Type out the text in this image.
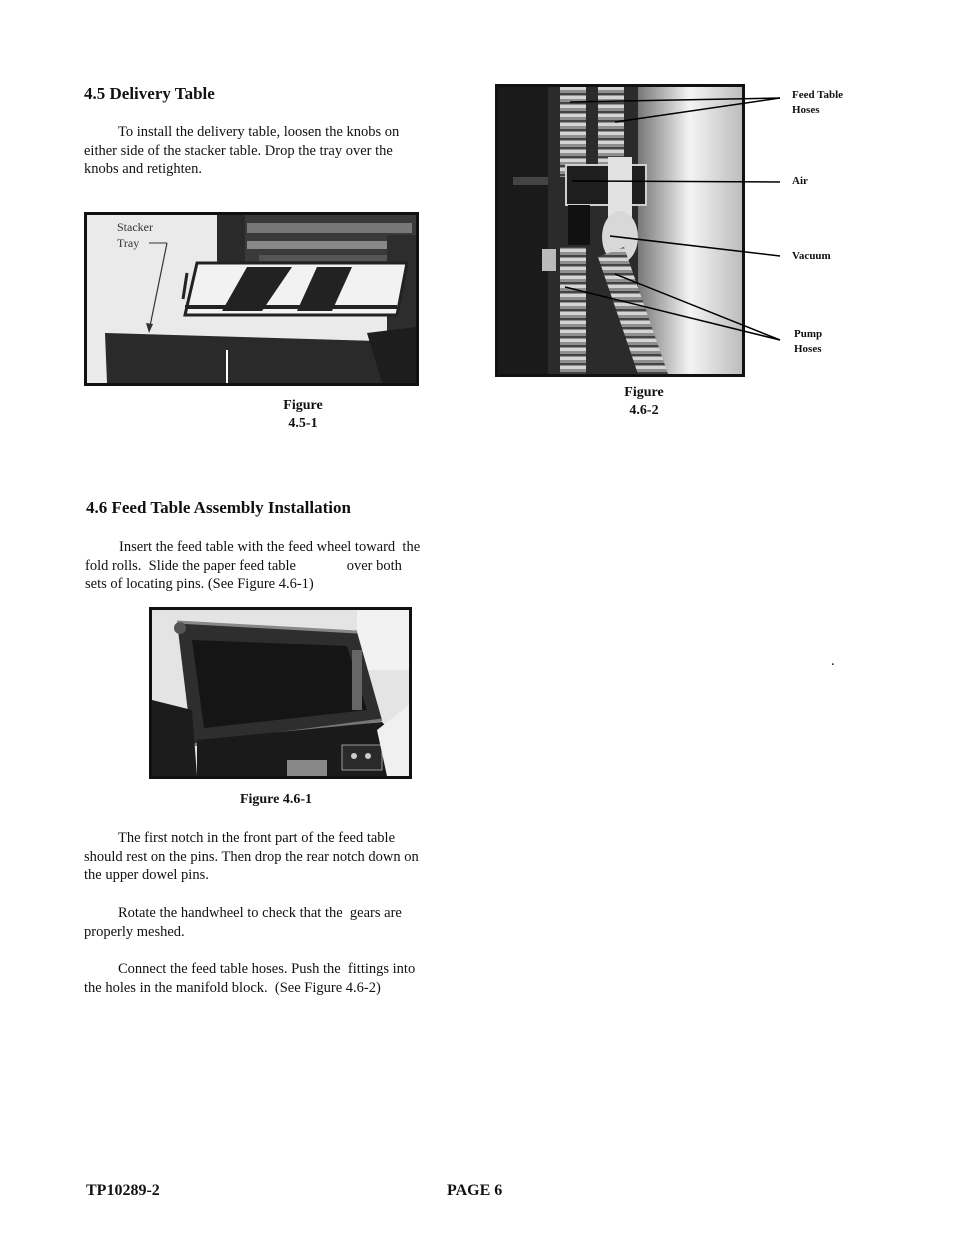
4.5 Delivery Table
To install the delivery table, loosen the knobs on
either side of the stacker table. Drop the tray over the
knobs and retighten.
Stacker
Tray
Figure
4.5-1
Feed Table
Hoses
Air
Vacuum
Pump
Hoses
Figure
4.6-2
4.6 Feed Table Assembly Installation
Insert the feed table with the feed wheel toward  the
fold rolls.  Slide the paper feed table              over both
sets of locating pins. (See Figure 4.6-1)
Figure 4.6-1
The first notch in the front part of the feed table
should rest on the pins. Then drop the rear notch down on
the upper dowel pins.
Rotate the handwheel to check that the  gears are
properly meshed.
Connect the feed table hoses. Push the  fittings into
the holes in the manifold block.  (See Figure 4.6-2)
.
TP10289-2	PAGE 6
